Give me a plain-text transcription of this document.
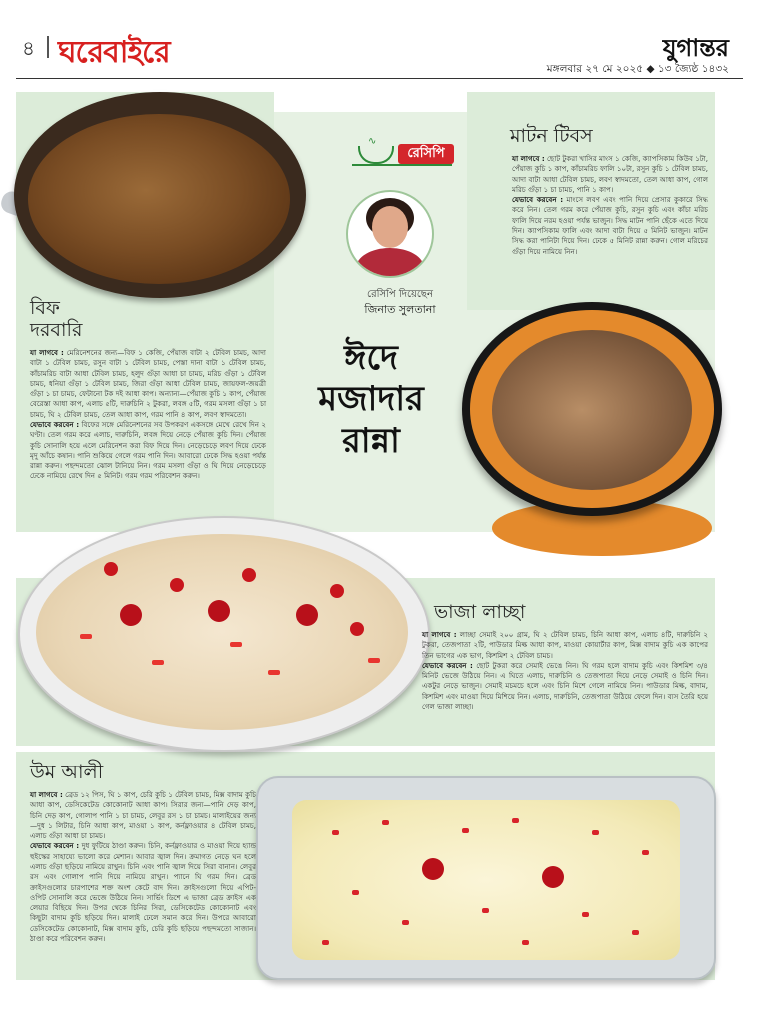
৪ ঘরেবাইরে	যুগান্তর
মঙ্গলবার ২৭ মে ২০২৫ ◆ ১৩ জ্যৈষ্ঠ ১৪৩২
মাটন টিবস
যা লাগবে : ছোট টুকরা খাসির মাংস ১ কেজি, ক্যাপসিকাম কিউব ১টা, পেঁয়াজ কুচি ১ কাপ, কাঁচামরিচ ফালি ১০টা, রসুন কুচি ১ টেবিল চামচ, আদা বাটা আধা টেবিল চামচ, লবণ স্বাদমতো, তেল আধা কাপ, গোল মরিচ গুঁড়া ১ চা চামচ, পানি ১ কাপ।
যেভাবে করবেন : মাংসে লবণ এবং পানি দিয়ে প্রেসার কুকারে সিদ্ধ করে নিন। তেল গরম করে পেঁয়াজ কুচি, রসুন কুচি এবং কাঁচা মরিচ ফালি দিয়ে নরম হওয়া পর্যন্ত ভাজুন। সিদ্ধ মাটন পানি ছেঁকে এতে দিয়ে দিন। ক্যাপসিকাম ফালি এবং আদা বাটা দিয়ে ৫ মিনিট ভাজুন। মাটন সিদ্ধ করা পানিটা দিয়ে দিন। ঢেকে ৫ মিনিট রান্না করুন। গোল মরিচের গুঁড়া দিয়ে নামিয়ে নিন।
∿
রেসিপি
রেসিপি দিয়েছেন
জিনাত সুলতানা
ঈদে
মজাদার
রান্না
বিফ
দরবারি
যা লাগবে : মেরিনেশনের জন্য—বিফ ১ কেজি, পেঁয়াজ বাটা ২ টেবিল চামচ, আদা বাটা ১ টেবিল চামচ, রসুন বাটা ১ টেবিল চামচ, পেস্তা দানা বাটা ১ টেবিল চামচ, কাঁচামরিচ বাটা আধা টেবিল চামচ, হলুদ গুঁড়া আধা চা চামচ, মরিচ গুঁড়া ১ টেবিল চামচ, ধনিয়া গুঁড়া ১ টেবিল চামচ, জিরা গুঁড়া আধা টেবিল চামচ, জায়ফল-জয়ত্রী গুঁড়া ১ চা চামচ, ফেটানো টক দই আধা কাপ। অন্যান্য—পেঁয়াজ কুচি ১ কাপ, পেঁয়াজ বেরেস্তা আধা কাপ, এলাচ ৫টি, দারুচিনি ২ টুকরা, লবঙ্গ ৫টি, গরম মসলা গুঁড়া ১ চা চামচ, ঘি ২ টেবিল চামচ, তেল আধা কাপ, গরম পানি ৪ কাপ, লবণ স্বাদমতো।
যেভাবে করবেন : বিফের সঙ্গে মেরিনেশনের সব উপকরণ একসঙ্গে মেখে রেখে দিন ২ ঘণ্টা। তেল গরম করে এলাচ, দারুচিনি, লবঙ্গ দিয়ে নেড়ে পেঁয়াজ কুচি দিন। পেঁয়াজ কুচি সোনালি হয়ে এলে মেরিনেশন করা বিফ দিয়ে দিন। নেড়েচেড়ে লবণ দিয়ে ঢেকে মৃদু আঁচে কষান। পানি শুকিয়ে গেলে গরম পানি দিন। আবারো ঢেকে সিদ্ধ হওয়া পর্যন্ত রান্না করুন। পছন্দমতো ঝোল টানিয়ে নিন। গরম মসলা গুঁড়া ও ঘি দিয়ে নেড়েচেড়ে ঢেকে নামিয়ে রেখে দিন ৫ মিনিট। গরম গরম পরিবেশন করুন।
ভাজা লাচ্ছা
যা লাগবে : লাচ্ছা সেমাই ২০০ গ্রাম, ঘি ২ টেবিল চামচ, চিনি আধা কাপ, এলাচ ৪টি, দারুচিনি ২ টুকরা, তেজপাতা ২টি, পাউডার মিল্ক আধা কাপ, মাওয়া কোয়ার্টার কাপ, মিক্স বাদাম কুচি এক কাপের তিন ভাগের এক ভাগ, কিশমিশ ২ টেবিল চামচ।
যেভাবে করবেন : ছোট টুকরা করে সেমাই ভেঙে নিন। ঘি গরম হলে বাদাম কুচি এবং কিশমিশ ৩/৪ মিনিট ভেজে উঠিয়ে নিন। এ ঘিতে এলাচ, দারুচিনি ও তেজপাতা দিয়ে নেড়ে সেমাই ও চিনি দিন। একটুর নেড়ে ভাজুন। সেমাই মচমচে হলে এবং চিনি মিশে গেলে নামিয়ে নিন। পাউডার মিল্ক, বাদাম, কিশমিশ এবং মাওয়া দিয়ে মিশিয়ে নিন। এলাচ, দারুচিনি, তেজপাতা উঠিয়ে ফেলে দিন। ব্যস তৈরি হয়ে গেল ভাজা লাচ্ছা।
উম আলী
যা লাগবে : ব্রেড ১২ পিস, ঘি ১ কাপ, চেরি কুচি ১ টেবিল চামচ, মিক্স বাদাম কুচি আধা কাপ, ডেসিকেটেড কোকোনাট আধা কাপ। সিরার জন্য—পানি দেড় কাপ, চিনি দেড় কাপ, গোলাপ পানি ১ চা চামচ, লেবুর রস ১ চা চামচ। মালাইয়ের জন্য—দুধ ১ লিটার, চিনি আধা কাপ, মাওয়া ১ কাপ, কর্নফ্লাওয়ার ৪ টেবিল চামচ, এলাচ গুঁড়া আধা চা চামচ।
যেভাবে করবেন : দুধ ফুটিয়ে ঠাণ্ডা করুন। চিনি, কর্নফ্লাওয়ার ও মাওয়া দিয়ে হ্যান্ড হুইস্কের সাহায্যে ভালো করে মেশান। আবার জ্বাল দিন। ক্রমাগত নেড়ে ঘন হলে এলাচ গুঁড়া ছড়িয়ে নামিয়ে রাখুন। চিনি এবং পানি জ্বাল দিয়ে সিরা বানান। লেবুর রস এবং গোলাপ পানি দিয়ে নামিয়ে রাখুন। প্যানে ঘি গরম দিন। ব্রেড ক্রাইসগুলোর চারপাশের শক্ত অংশ কেটে বাদ দিন। ক্রাইসগুলো দিয়ে এপিট-ওপিট সোনালি করে ভেজে উঠিয়ে নিন। সার্ভিং ডিশে এ ভাজা ব্রেড ক্রাইস এক লেয়ার বিছিয়ে দিন। উপর থেকে চিনির সিরা, ডেসিকেটেড কোকোনাট এবং কিছুটা বাদাম কুচি ছড়িয়ে দিন। মালাই ঢেলে সমান করে দিন। উপরে আবারো ডেসিকেটেড কোকোনাট, মিক্স বাদাম কুচি, চেরি কুচি ছড়িয়ে পছন্দমতো সাজান। ঠাণ্ডা করে পরিবেশন করুন।
